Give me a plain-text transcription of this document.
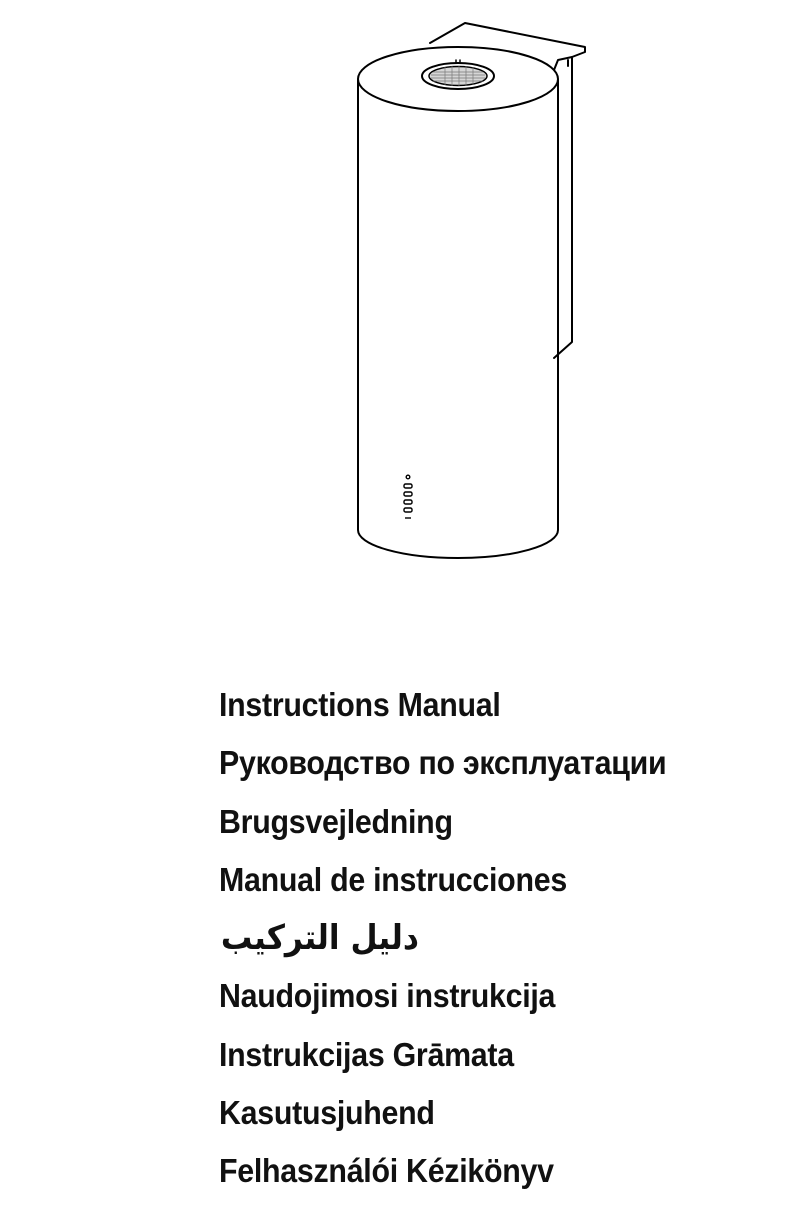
Instructions Manual
Руководство по эксплуатации
Brugsvejledning
Manual de instrucciones
دليل التركيب
Naudojimosi instrukcija
Instrukcijas Grāmata
Kasutusjuhend
Felhasználói Kézikönyv
